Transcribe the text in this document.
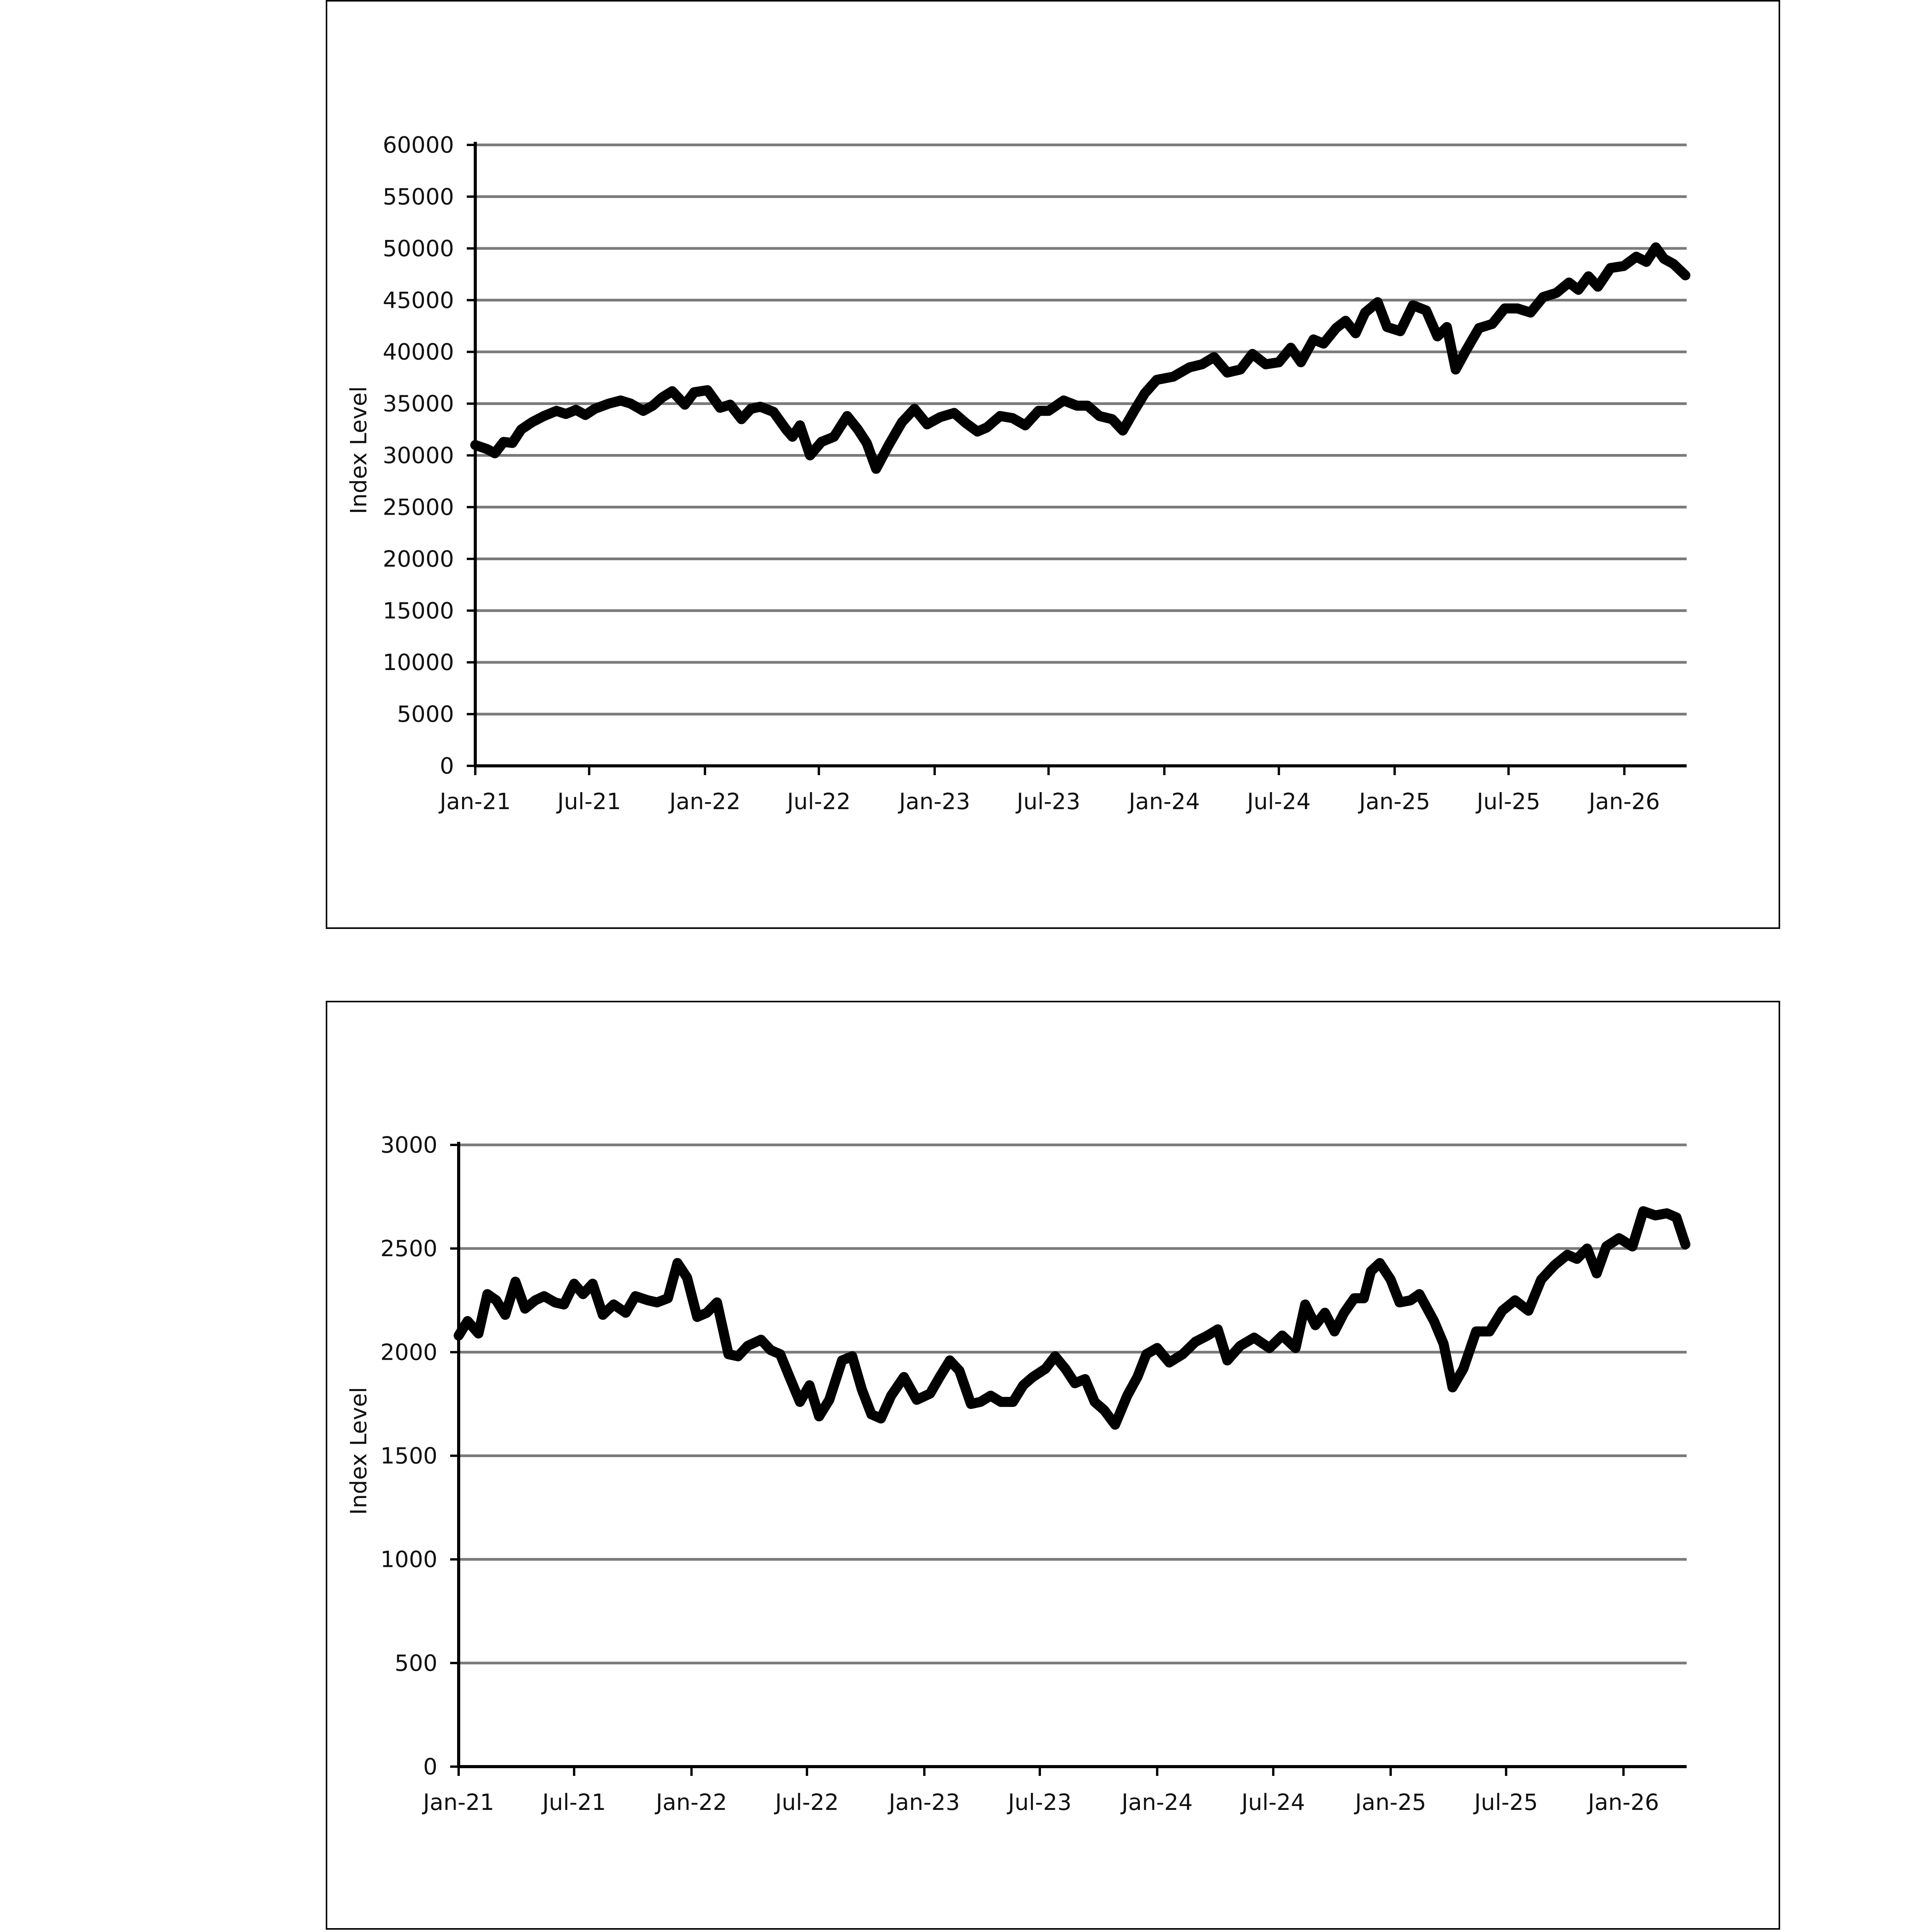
0
5000
10000
15000
20000
25000
30000
35000
40000
45000
50000
55000
60000
Jan-21 Jul-21 Jan-22 Jul-22 Jan-23 Jul-23 Jan-24 Jul-24 Jan-25 Jul-25 Jan-26
Index Level
0
500
1000
1500
2000
2500
3000
Jan-21 Jul-21 Jan-22 Jul-22 Jan-23 Jul-23 Jan-24 Jul-24 Jan-25 Jul-25 Jan-26
Index Level
